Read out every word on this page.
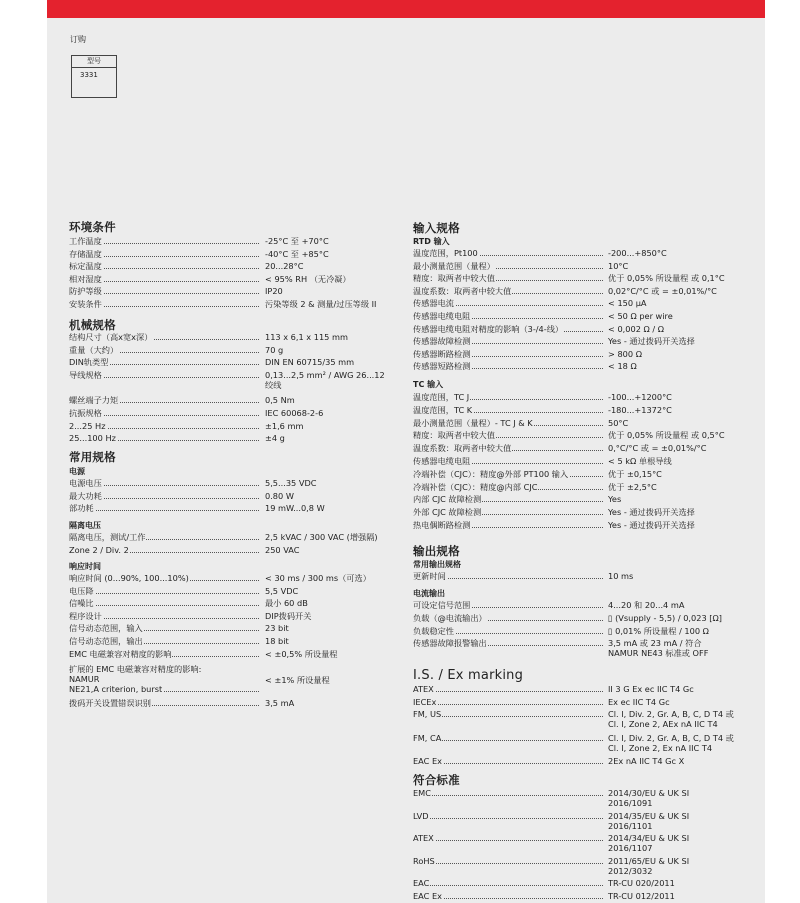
订购
型号
3331
环境条件
工作温度	-25°C 至 +70°C
存储温度	-40°C 至 +85°C
标定温度	20...28°C
相对湿度	< 95% RH （无冷凝）
防护等级	IP20
安装条件	污染等级 2 & 测量/过压等级 II
机械规格
结构尺寸（高x宽x深）	113 x 6,1 x 115 mm
重量（大约）	70 g
DIN轨类型	DIN EN 60715/35 mm
导线规格	0,13...2,5 mm² / AWG 26...12
绞线
螺丝端子力矩	0,5 Nm
抗振规格	IEC 60068-2-6
2...25 Hz	±1,6 mm
25...100 Hz	±4 g
常用规格
电源
电源电压	5,5...35 VDC
最大功耗	0.80 W
部功耗	19 mW...0,8 W
隔离电压
隔离电压，测试/工作	2,5 kVAC / 300 VAC (增强隔)
Zone 2 / Div. 2	250 VAC
响应时间
响应时间 (0...90%, 100...10%)	< 30 ms / 300 ms（可选）
电压降	5,5 VDC
信噪比	最小 60 dB
程序设计	DIP拨码开关
信号动态范围，输入	23 bit
信号动态范围，输出	18 bit
EMC 电磁兼容对精度的影响	< ±0,5% 所设量程
扩展的 EMC 电磁兼容对精度的影响:
NAMUR
NE21,A criterion, burst
< ±1% 所设量程
拨码开关设置错误识别	3,5 mA
输入规格
RTD 输入
温度范围，Pt100	-200...+850°C
最小测量范围（量程）	10°C
精度：取两者中较大值	优于 0,05% 所设量程 或 0,1°C
温度系数：取两者中较大值	0,02°C/°C 或 = ±0,01%/°C
传感器电流	< 150 μA
传感器电缆电阻	< 50 Ω per wire
传感器电缆电阻对精度的影响（3-/4-线）	< 0,002 Ω / Ω
传感器故障检测	Yes - 通过拨码开关选择
传感器断路检测	> 800 Ω
传感器短路检测	< 18 Ω
TC 输入
温度范围，TC J	-100...+1200°C
温度范围，TC K	-180...+1372°C
最小测量范围（量程）- TC J & K	50°C
精度：取两者中较大值	优于 0,05% 所设量程 或 0,5°C
温度系数：取两者中较大值	0,°C/°C 或 = ±0,01%/°C
传感器电缆电阻	< 5 kΩ 单根导线
冷端补偿（CJC）：精度@外部 PT100 输入	优于 ±0,15°C
冷端补偿（CJC）：精度@内部 CJC	优于 ±2,5°C
内部 CJC 故障检测	Yes
外部 CJC 故障检测	Yes - 通过拨码开关选择
热电偶断路检测	Yes - 通过拨码开关选择
输出规格
常用输出规格
更新时间	10 ms
电流输出
可设定信号范围	4...20 和 20...4 mA
负载（@电流输出）	▯ (Vsupply - 5,5) / 0,023 [Ω]
负载稳定性	▯ 0,01% 所设量程 / 100 Ω
传感器故障报警输出	3,5 mA 或 23 mA / 符合
NAMUR NE43 标准或 OFF
I.S. / Ex marking
ATEX	II 3 G Ex ec IIC T4 Gc
IECEx	Ex ec IIC T4 Gc
FM, US	Cl. I, Div. 2, Gr. A, B, C, D T4 或
Cl. I, Zone 2, AEx nA IIC T4
FM, CA	Cl. I, Div. 2, Gr. A, B, C, D T4 或
Cl. I, Zone 2, Ex nA IIC T4
EAC Ex	2Ex nA IIC T4 Gc X
符合标准
EMC	2014/30/EU & UK SI
2016/1091
LVD	2014/35/EU & UK SI
2016/1101
ATEX	2014/34/EU & UK SI
2016/1107
RoHS	2011/65/EU & UK SI
2012/3032
EAC	TR-CU 020/2011
EAC Ex	TR-CU 012/2011
